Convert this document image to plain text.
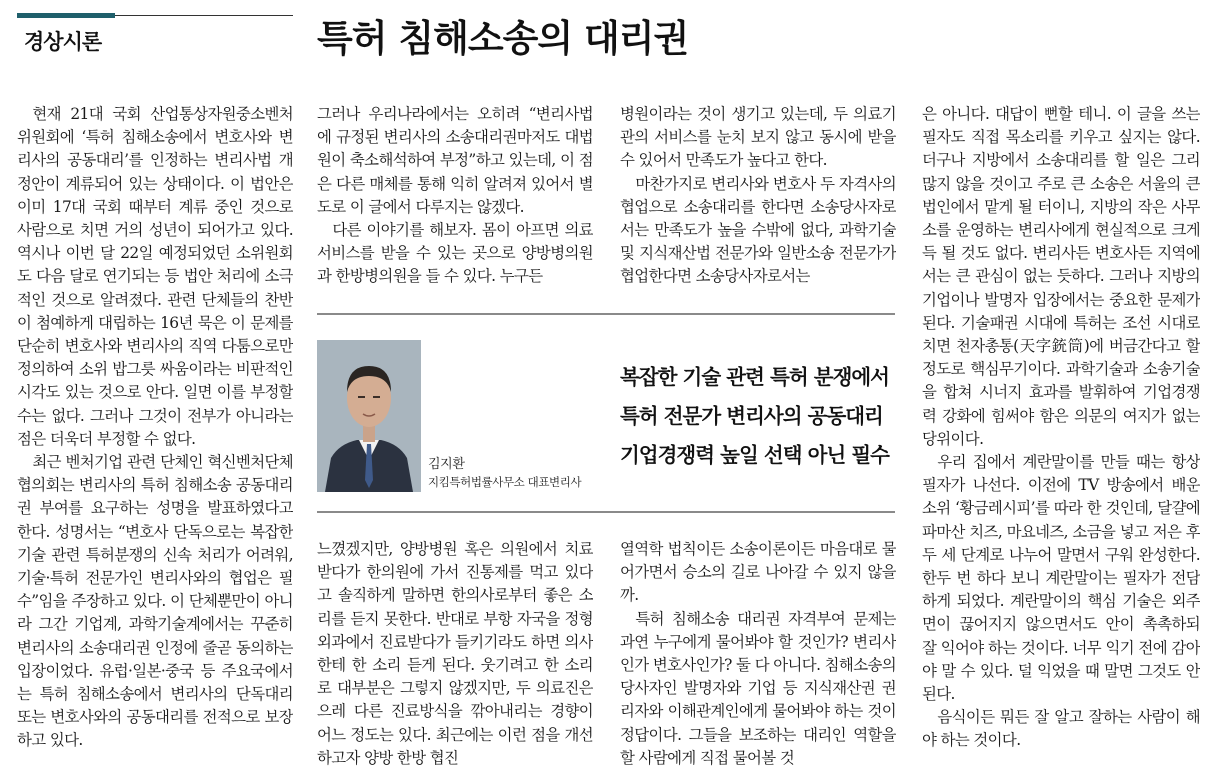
경상시론	특허 침해소송의 대리권

현재 21대 국회 산업통상자원중소벤처 위원회에 ‘특허 침해소송에서 변호사와 변리사의 공동대리’를 인정하는 변리사법 개정안이 계류되어 있는 상태이다. 이 법안은 이미 17대 국회 때부터 계류 중인 것으로 사람으로 치면 거의 성년이 되어가고 있다. 역시나 이번 달 22일 예정되었던 소위원회도 다음 달로 연기되는 등 법안 처리에 소극적인 것으로 알려졌다. 관련 단체들의 찬반이 첨예하게 대립하는 16년 묵은 이 문제를 단순히 변호사와 변리사의 직역 다툼으로만 정의하여 소위 밥그릇 싸움이라는 비판적인 시각도 있는 것으로 안다. 일면 이를 부정할 수는 없다. 그러나 그것이 전부가 아니라는 점은 더욱더 부정할 수 없다.

최근 벤처기업 관련 단체인 혁신벤처단체협의회는 변리사의 특허 침해소송 공동대리권 부여를 요구하는 성명을 발표하였다고 한다. 성명서는 “변호사 단독으로는 복잡한 기술 관련 특허분쟁의 신속 처리가 어려워, 기술·특허 전문가인 변리사와의 협업은 필수”임을 주장하고 있다. 이 단체뿐만이 아니라 그간 기업계, 과학기술계에서는 꾸준히 변리사의 소송대리권 인정에 줄곧 동의하는 입장이었다. 유럽·일본·중국 등 주요국에서는 특허 침해소송에서 변리사의 단독대리 또는 변호사와의 공동대리를 전적으로 보장하고 있다.

그러나 우리나라에서는 오히려 “변리사법에 규정된 변리사의 소송대리권마저도 대법원이 축소해석하여 부정”하고 있는데, 이 점은 다른 매체를 통해 익히 알려져 있어서 별도로 이 글에서 다루지는 않겠다.

다른 이야기를 해보자. 몸이 아프면 의료서비스를 받을 수 있는 곳으로 양방병의원과 한방병의원을 들 수 있다. 누구든

병원이라는 것이 생기고 있는데, 두 의료기관의 서비스를 눈치 보지 않고 동시에 받을 수 있어서 만족도가 높다고 한다.

마찬가지로 변리사와 변호사 두 자격사의 협업으로 소송대리를 한다면 소송당사자로서는 만족도가 높을 수밖에 없다, 과학기술 및 지식재산법 전문가와 일반소송 전문가가 협업한다면 소송당사자로서는

김지환
지킴특허법률사무소 대표변리사
복잡한 기술 관련 특허 분쟁에서
특허 전문가 변리사의 공동대리
기업경쟁력 높일 선택 아닌 필수

느꼈겠지만, 양방병원 혹은 의원에서 치료받다가 한의원에 가서 진통제를 먹고 있다고 솔직하게 말하면 한의사로부터 좋은 소리를 듣지 못한다. 반대로 부항 자국을 정형외과에서 진료받다가 들키기라도 하면 의사한테 한 소리 듣게 된다. 웃기려고 한 소리로 대부분은 그렇지 않겠지만, 두 의료진은 으레 다른 진료방식을 깎아내리는 경향이 어느 정도는 있다. 최근에는 이런 점을 개선하고자 양방 한방 협진

열역학 법칙이든 소송이론이든 마음대로 물어가면서 승소의 길로 나아갈 수 있지 않을까.

특허 침해소송 대리권 자격부여 문제는 과연 누구에게 물어봐야 할 것인가? 변리사인가 변호사인가? 둘 다 아니다. 침해소송의 당사자인 발명자와 기업 등 지식재산권 권리자와 이해관계인에게 물어봐야 하는 것이 정답이다. 그들을 보조하는 대리인 역할을 할 사람에게 직접 물어볼 것

은 아니다. 대답이 뻔할 테니. 이 글을 쓰는 필자도 직접 목소리를 키우고 싶지는 않다. 더구나 지방에서 소송대리를 할 일은 그리 많지 않을 것이고 주로 큰 소송은 서울의 큰 법인에서 맡게 될 터이니, 지방의 작은 사무소를 운영하는 변리사에게 현실적으로 크게 득 될 것도 없다. 변리사든 변호사든 지역에서는 큰 관심이 없는 듯하다. 그러나 지방의 기업이나 발명자 입장에서는 중요한 문제가 된다. 기술패권 시대에 특허는 조선 시대로 치면 천자총통(天字銃筒)에 버금간다고 할 정도로 핵심무기이다. 과학기술과 소송기술을 합쳐 시너지 효과를 발휘하여 기업경쟁력 강화에 힘써야 함은 의문의 여지가 없는 당위이다.

우리 집에서 계란말이를 만들 때는 항상 필자가 나선다. 이전에 TV 방송에서 배운 소위 ‘황금레시피’를 따라 한 것인데, 달걀에 파마산 치즈, 마요네즈, 소금을 넣고 저은 후 두 세 단계로 나누어 말면서 구워 완성한다. 한두 번 하다 보니 계란말이는 필자가 전담하게 되었다. 계란말이의 핵심 기술은 외주면이 끊어지지 않으면서도 안이 촉촉하되 잘 익어야 하는 것이다. 너무 익기 전에 감아야 말 수 있다. 덜 익었을 때 말면 그것도 안 된다.

음식이든 뭐든 잘 알고 잘하는 사람이 해야 하는 것이다.
